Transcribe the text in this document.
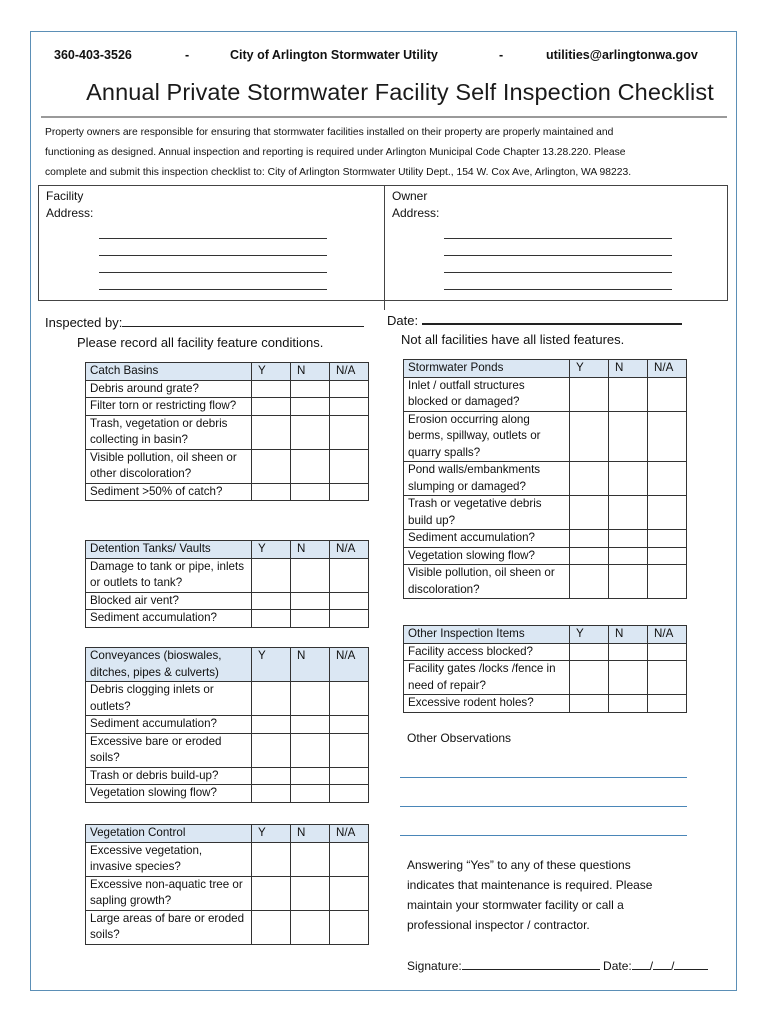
360-403-3526	-	City of Arlington Stormwater Utility	-	utilities@arlingtonwa.gov
Annual Private Stormwater Facility Self Inspection Checklist
Property owners are responsible for ensuring that stormwater facilities installed on their property are properly maintained and
functioning as designed. Annual inspection and reporting is required under Arlington Municipal Code Chapter 13.28.220. Please
complete and submit this inspection checklist to: City of Arlington Stormwater Utility Dept., 154 W. Cox Ave, Arlington, WA 98223.
Facility
Address:
Owner
Address:
Inspected by:	Date:
Please record all facility feature conditions.	Not all facilities have all listed features.
Catch Basins	Y	N	N/A
Debris around grate?			
Filter torn or restricting flow?			
Trash, vegetation or debris collecting in basin?			
Visible pollution, oil sheen or other discoloration?			
Sediment >50% of catch?			
Detention Tanks/ Vaults	Y	N	N/A
Damage to tank or pipe, inlets or outlets to tank?			
Blocked air vent?			
Sediment accumulation?			
Conveyances (bioswales, ditches, pipes & culverts)	Y	N	N/A
Debris clogging inlets or outlets?			
Sediment accumulation?			
Excessive bare or eroded soils?			
Trash or debris build-up?			
Vegetation slowing flow?			
Vegetation Control	Y	N	N/A
Excessive vegetation, invasive species?			
Excessive non-aquatic tree or sapling growth?			
Large areas of bare or eroded soils?			
Stormwater Ponds	Y	N	N/A
Inlet / outfall structures blocked or damaged?			
Erosion occurring along berms, spillway, outlets or quarry spalls?			
Pond walls/embankments slumping or damaged?			
Trash or vegetative debris build up?			
Sediment accumulation?			
Vegetation slowing flow?			
Visible pollution, oil sheen or discoloration?			
Other Inspection Items	Y	N	N/A
Facility access blocked?			
Facility gates /locks /fence in need of repair?			
Excessive rodent holes?			
Other Observations
Answering “Yes” to any of these questions
indicates that maintenance is required. Please
maintain your stormwater facility or call a
professional inspector / contractor.
Signature:	Date: / /
